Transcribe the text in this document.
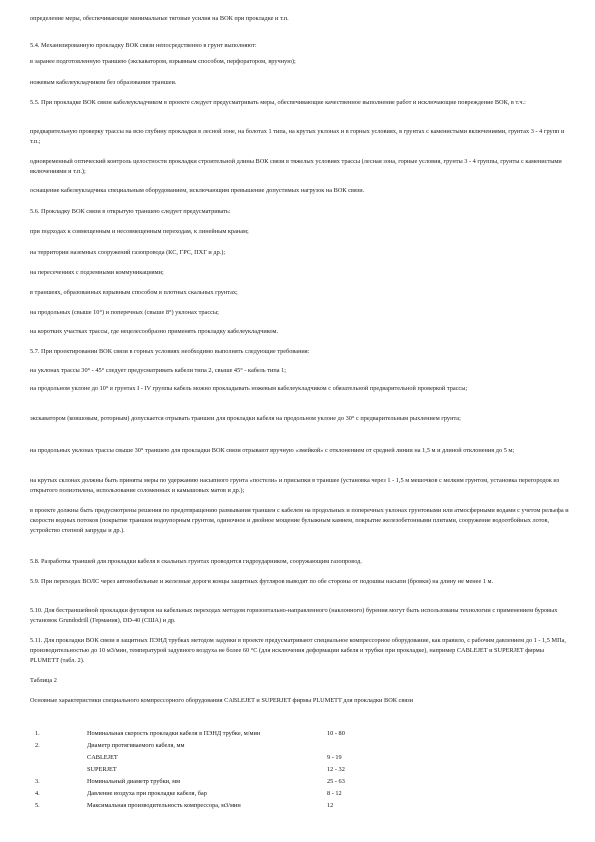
определение меры, обеспечивающие минимальные тяговые усилия на ВОК при прокладке и т.п.

5.4. Механизированную прокладку ВОК связи непосредственно в грунт выполняют:

в заранее подготовленную траншею (экскаватором, взрывным способом, перфоратором, вручную);

ножевым кабелеукладчиком без образования траншеи.

5.5. При прокладке ВОК связи кабелеукладчиком в проекте следует предусматривать меры, обеспечивающие качественное выполнение работ и исключающие повреждение ВОК, в т.ч.:

предварительную проверку трассы на всю глубину прокладки в лесной зоне, на болотах 1 типа, на крутых уклонах и в горных условиях, в грунтах с каменистыми включениями, грунтах 3 - 4 групп и т.п.;

одновременный оптический контроль целостности прокладки строительной длины ВОК связи в тяжелых условиях трассы (лесная зона, горные условия, грунты 3 - 4 группы, грунты с каменистыми включениями и т.п.);

оснащение кабелеукладчика специальным оборудованием, исключающим превышение допустимых нагрузок на ВОК связи.

5.6. Прокладку ВОК связи в открытую траншею следует предусматривать:

при подходах к совмещенным и несовмещенным переходам, к линейным кранам;

на территории наземных сооружений газопровода (КС, ГРС, ПХГ и др.);

на пересечениях с подземными коммуникациями;

в траншеях, образованных взрывным способом в плотных скальных грунтах;

на продольных (свыше 10°) и поперечных (свыше 8°) уклонах трассы;

на коротких участках трассы, где нецелесообразно применять прокладку кабелеукладчиком.

5.7. При проектировании ВОК связи в горных условиях необходимо выполнять следующие требования:

на уклонах трассы 30° - 45° следует предусматривать кабели типа 2, свыше 45° - кабель типа 1;

на продольном уклоне до 10° в грунтах I - IV группы кабель можно прокладывать ножевым кабелеукладчиком с обязательной предварительной проверкой трассы;

экскаватором (ковшовым, роторным) допускается отрывать траншеи для прокладки кабеля на продольном уклоне до 30° с предварительным рыхлением грунта;

на продольных уклонах трассы свыше 30° траншею для прокладки ВОК связи отрывают вручную «змейкой» с отклонением от средней линии на 1,5 м и длиной отклонения до 5 м;

на крутых склонах должны быть приняты меры по удержанию насыпного грунта «постели» и присыпки в траншее (установка через 1 - 1,5 м мешочков с мелким грунтом, установка перегородок из открытого полиэтилена, использование соломенных и камышовых матов и др.);

в проекте должны быть предусмотрены решения по предотвращению размывания траншеи с кабелем на продольных и поперечных уклонах грунтовыми или атмосферными водами с учетом рельефа и скорости водных потоков (покрытие траншеи водоупорным грунтом, одиночное и двойное мощение булыжным камнем, покрытие железобетонными плитами, сооружение водоотбойных лотов, устройство степной запруды и др.).

5.8. Разработка траншей для прокладки кабеля в скальных грунтах проводится гидроударником, сооружающим газопровод.

5.9. При переходах ВОЛС через автомобильные и железные дороги концы защитных футляров выводят по обе стороны от подошвы насыпи (бровки) на длину не менее 1 м.

5.10. Для бестраншейной прокладки футляров на кабельных переходах методом горизонтально-направленного (наклонного) бурения могут быть использованы технологии с применением буровых установок Grundodrill (Германия), DD-40 (США) и др.

5.11. Для прокладки ВОК связи в защитных ПЭНД трубках методом задувки в проекте предусматривают специальное компрессорное оборудование, как правило, с рабочим давлением до 1 - 1,5 МПа, производительностью до 10 м3/мин, температурой задувного воздуха не более 60 °С (для исключения деформации кабеля и трубки при прокладке), например CABLEJET и SUPERJET фирмы PLUMETT (табл. 2).

Таблица 2

Основные характеристики специального компрессорного оборудования CABLEJET и SUPERJET фирмы PLUMETT для прокладки ВОК связи

1.	Номинальная скорость прокладки кабеля в ПЭНД трубке, м/мин	10 - 80
2.	Диаметр протягиваемого кабеля, мм
CABLEJET	9 - 19
SUPERJET	12 - 32
3.	Номинальный диаметр трубки, мм	25 - 63
4.	Давление воздуха при прокладке кабеля, бар	8 - 12
5.	Максимальная производительность компрессора, м3/мин	12
